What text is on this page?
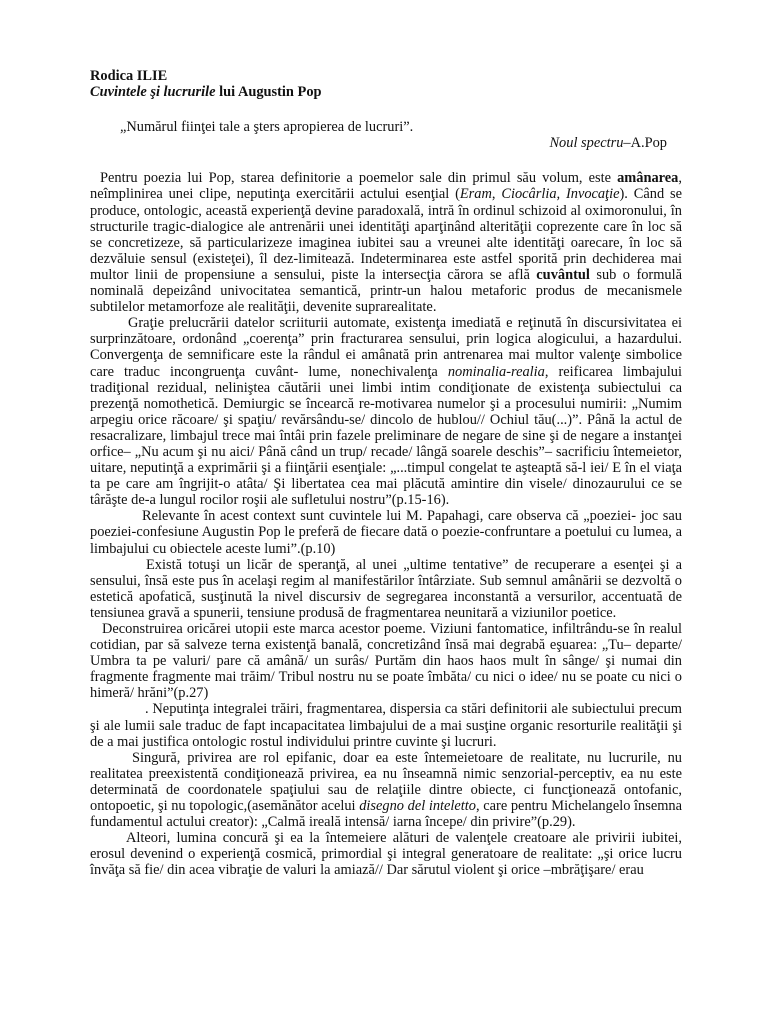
Rodica ILIE
Cuvintele şi lucrurile lui Augustin Pop
„Numărul fiinţei tale a şters apropierea de lucruri”.
Noul spectru–A.Pop

Pentru poezia lui Pop, starea definitorie a poemelor sale din primul său volum, este amânarea, neîmplinirea unei clipe, neputinţa exercitării actului esenţial (Eram, Ciocârlia, Invocaţie). Când se produce, ontologic, această experienţă devine paradoxală, intră în ordinul schizoid al oximoronului, în structurile tragic-dialogice ale antrenării unei identităţi aparţinând alterităţii coprezente care în loc să se concretizeze, să particularizeze imaginea iubitei sau a vreunei alte identităţi oarecare, în loc să dezvăluie sensul (existeţei), îl dez-limitează. Indeterminarea este astfel sporită prin dechiderea mai multor linii de propensiune a sensului, piste la intersecţia cărora se află cuvântul sub o formulă nominală depeizând univocitatea semantică, printr-un halou metaforic produs de mecanismele subtilelor metamorfoze ale realităţii, devenite suprarealitate.

Graţie prelucrării datelor scriiturii automate, existenţa imediată e reţinută în discursivitatea ei surprinzătoare, ordonând „coerenţa” prin fracturarea sensului, prin logica alogicului, a hazardului. Convergenţa de semnificare este la rândul ei amânată prin antrenarea mai multor valenţe simbolice care traduc incongruenţa cuvânt- lume, nonechivalenţa nominalia-realia, reificarea limbajului tradiţional rezidual, neliniştea căutării unei limbi intim condiţionate de existenţa subiectului ca prezenţă nomothetică. Demiurgic se încearcă re-motivarea numelor şi a procesului numirii: „Numim arpegiu orice răcoare/ şi spaţiu/ revărsându-se/ dincolo de hublou// Ochiul tău(...)”. Până la actul de resacralizare, limbajul trece mai întâi prin fazele preliminare de negare de sine şi de negare a instanţei orfice– „Nu acum şi nu aici/ Până când un trup/ recade/ lângă soarele deschis”– sacrificiu întemeietor, uitare, neputinţă a exprimării şi a fiinţării esenţiale: „...timpul congelat te aşteaptă să-l iei/ E în el viaţa ta pe care am îngrijit-o atâta/ Şi libertatea cea mai plăcută amintire din visele/ dinozaurului ce se târăşte de-a lungul rocilor roşii ale sufletului nostru”(p.15-16).

Relevante în acest context sunt cuvintele lui M. Papahagi, care observa că „poeziei- joc sau poeziei-confesiune Augustin Pop le preferă de fiecare dată o poezie-confruntare a poetului cu lumea, a limbajului cu obiectele aceste lumi”.(p.10)

Există totuşi un licăr de speranţă, al unei „ultime tentative” de recuperare a esenţei şi a sensului, însă este pus în acelaşi regim al manifestărilor întârziate. Sub semnul amânării se dezvoltă o estetică apofatică, susţinută la nivel discursiv de segregarea inconstantă a versurilor, accentuată de tensiunea gravă a spunerii, tensiune produsă de fragmentarea neunitară a viziunilor poetice.

Deconstruirea oricărei utopii este marca acestor poeme. Viziuni fantomatice, infiltrându-se în realul cotidian, par să salveze terna existenţă banală, concretizând însă mai degrabă eşuarea: „Tu– departe/ Umbra ta pe valuri/ pare că amână/ un surâs/ Purtăm din haos haos mult în sânge/ şi numai din fragmente fragmente mai trăim/ Tribul nostru nu se poate îmbăta/ cu nici o idee/ nu se poate cu nici o himeră/ hrăni”(p.27)

. Neputinţa integralei trăiri, fragmentarea, dispersia ca stări definitorii ale subiectului precum şi ale lumii sale traduc de fapt incapacitatea limbajului de a mai susţine organic resorturile realităţii şi de a mai justifica ontologic rostul individului printre cuvinte şi lucruri.

Singură, privirea are rol epifanic, doar ea este întemeietoare de realitate, nu lucrurile, nu realitatea preexistentă condiţionează privirea, ea nu înseamnă nimic senzorial-perceptiv, ea nu este determinată de coordonatele spaţiului sau de relaţiile dintre obiecte, ci funcţionează ontofanic, ontopoetic, şi nu topologic,(asemănător acelui disegno del inteletto, care pentru Michelangelo însemna fundamentul actului creator): „Calmă ireală intensă/ iarna începe/ din privire”(p.29).

Alteori, lumina concură şi ea la întemeiere alături de valenţele creatoare ale privirii iubitei, erosul devenind o experienţă cosmică, primordial şi integral generatoare de realitate: „şi orice lucru învăţa să fie/ din acea vibraţie de valuri la amiază// Dar sărutul violent şi orice –mbrăţişare/ erau
